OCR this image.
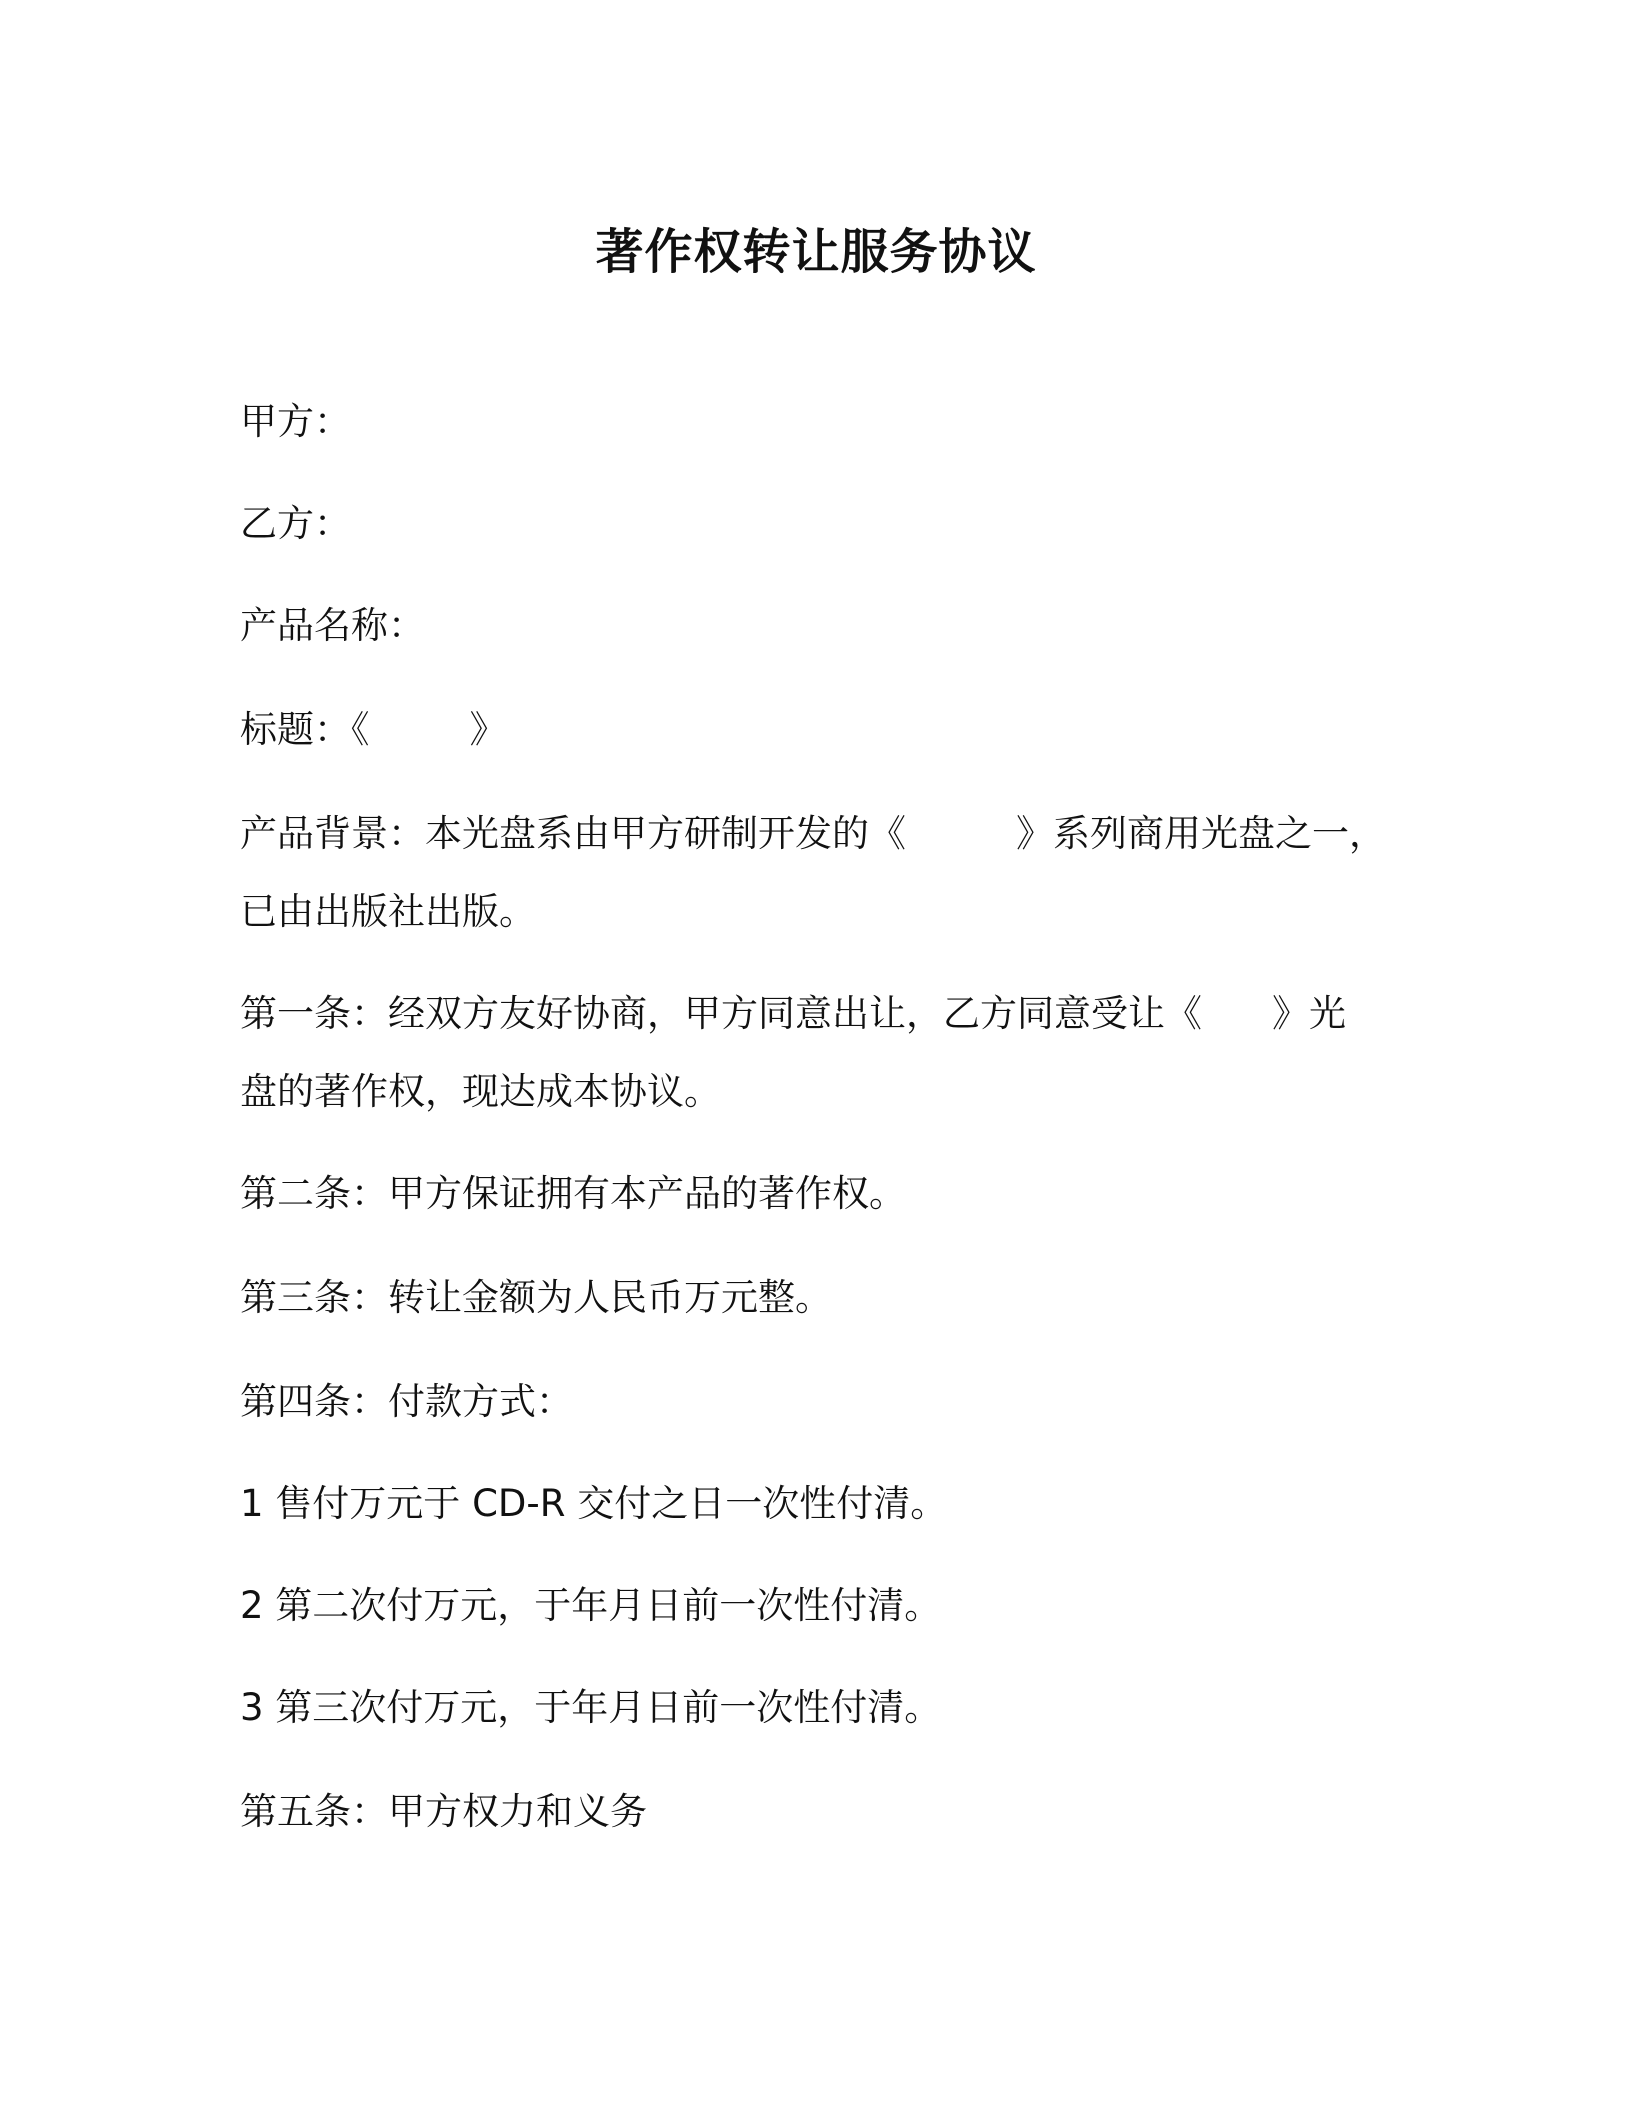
著作权转让服务协议
甲方：
乙方：
产品名称：
标题：《	》
产品背景：本光盘系由甲方研制开发的《	》系列商用光盘之一，
已由出版社出版。
第一条：经双方友好协商，甲方同意出让，乙方同意受让《 》光
盘的著作权，现达成本协议。
第二条：甲方保证拥有本产品的著作权。
第三条：转让金额为人民币万元整。
第四条：付款方式：
1 售付万元于 CD-R 交付之日一次性付清。
2 第二次付万元，于年月日前一次性付清。
3 第三次付万元，于年月日前一次性付清。
第五条：甲方权力和义务
